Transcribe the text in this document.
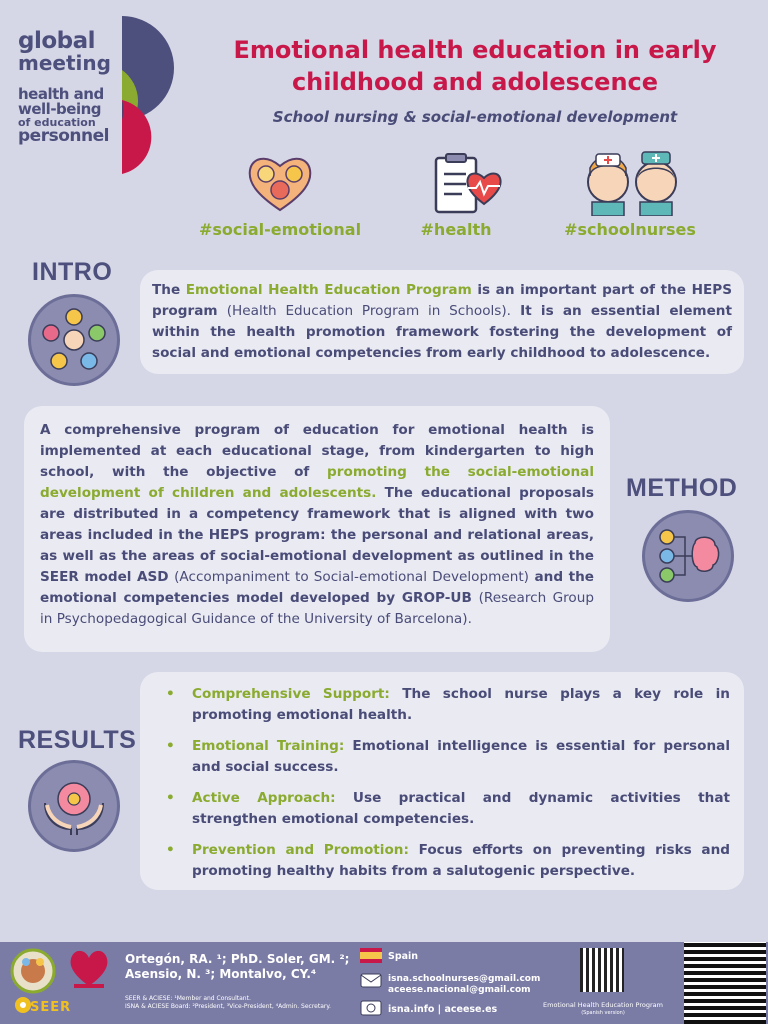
global
meeting
health and
well-being
of education
personnel
Emotional health education in early childhood and adolescence
School nursing & social-emotional development
#social-emotional	#health	#schoolnurses
INTRO
The Emotional Health Education Program is an important part of the HEPS program (Health Education Program in Schools). It is an essential element within the health promotion framework fostering the development of social and emotional competencies from early childhood to adolescence.
A comprehensive program of education for emotional health is implemented at each educational stage, from kindergarten to high school, with the objective of promoting the social-emotional development of children and adolescents. The educational proposals are distributed in a competency framework that is aligned with two areas included in the HEPS program: the personal and relational areas, as well as the areas of social-emotional development as outlined in the SEER model ASD (Accompaniment to Social-emotional Development) and the emotional competencies model developed by GROP-UB (Research Group in Psychopedagogical Guidance of the University of Barcelona).
METHOD
RESULTS
• Comprehensive Support: The school nurse plays a key role in promoting emotional health.
• Emotional Training: Emotional intelligence is essential for personal and social success.
• Active Approach: Use practical and dynamic activities that strengthen emotional competencies.
• Prevention and Promotion: Focus efforts on preventing risks and promoting healthy habits from a salutogenic perspective.
SEER
Ortegón, RA. ¹; PhD. Soler, GM. ²;
Asensio, N. ³; Montalvo, CY.⁴
SEER & ACIESE: ¹Member and Consultant.
ISNA & ACIESE Board: ²President, ³Vice-President, ⁴Admin. Secretary.
Spain
isna.schoolnurses@gmail.com
aceese.nacional@gmail.com
isna.info | aceese.es	Emotional Health Education Program
(Spanish version)
